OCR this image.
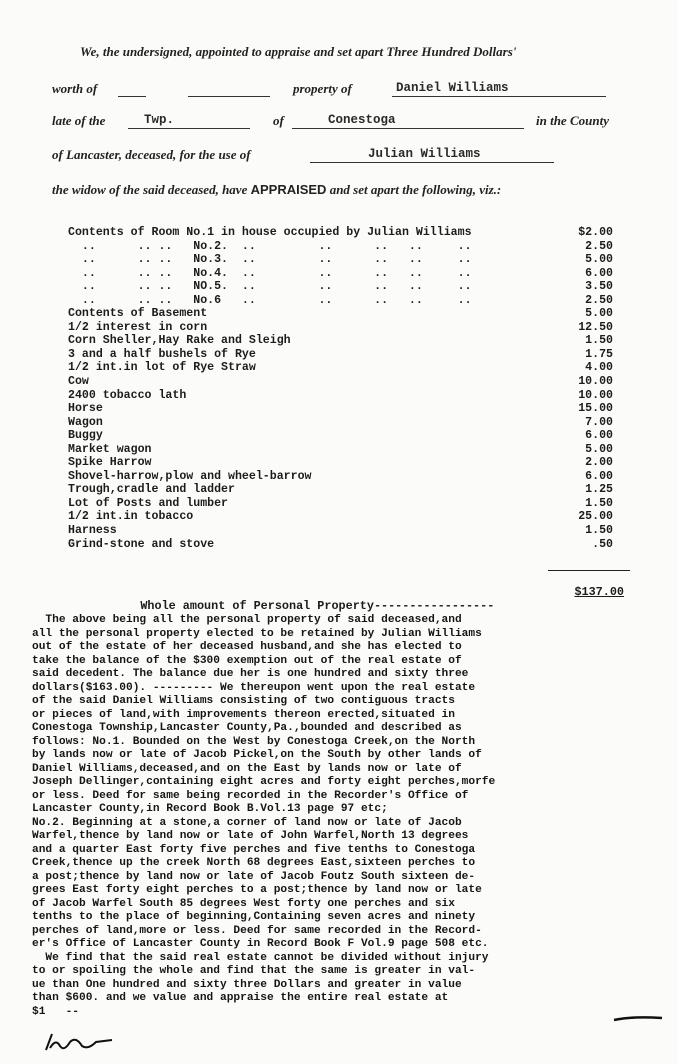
We, the undersigned, appointed to appraise and set apart Three Hundred Dollars'
worth of	property of	Daniel Williams
late of the	Twp.	of	Conestoga	in the County
of Lancaster, deceased, for the use of	Julian Williams
the widow of the said deceased, have APPRAISED and set apart the following, viz.:
Contents of Room No.1 in house occupied by Julian Williams	$2.00
..      .. ..   No.2.  ..         ..      ..   ..     ..	2.50
..      .. ..   No.3.  ..         ..      ..   ..     ..	5.00
..      .. ..   No.4.  ..         ..      ..   ..     ..	6.00
..      .. ..   NO.5.  ..         ..      ..   ..     ..	3.50
..      .. ..   No.6   ..         ..      ..   ..     ..	2.50
Contents of Basement	5.00
1/2 interest in corn	12.50
Corn Sheller,Hay Rake and Sleigh	1.50
3 and a half bushels of Rye	1.75
1/2 int.in lot of Rye Straw	4.00
Cow	10.00
2400 tobacco lath	10.00
Horse	15.00
Wagon	7.00
Buggy	6.00
Market wagon	5.00
Spike Harrow	2.00
Shovel-harrow,plow and wheel-barrow	6.00
Trough,cradle and ladder	1.25
Lot of Posts and lumber	1.50
1/2 int.in tobacco	25.00
Harness	1.50
Grind-stone and stove	.50

Whole amount of Personal Property-----------------

$137.00

The above being all the personal property of said deceased,and
all the personal property elected to be retained by Julian Williams
out of the estate of her deceased husband,and she has elected to
take the balance of the $300 exemption out of the real estate of
said decedent. The balance due her is one hundred and sixty three
dollars($163.00). --------- We thereupon went upon the real estate
of the said Daniel Williams consisting of two contiguous tracts
or pieces of land,with improvements thereon erected,situated in
Conestoga Township,Lancaster County,Pa.,bounded and described as
follows: No.1. Bounded on the West by Conestoga Creek,on the North
by lands now or late of Jacob Pickel,on the South by other lands of
Daniel Williams,deceased,and on the East by lands now or late of
Joseph Dellinger,containing eight acres and forty eight perches,morfe
or less. Deed for same being recorded in the Recorder's Office of
Lancaster County,in Record Book B.Vol.13 page 97 etc;
No.2. Beginning at a stone,a corner of land now or late of Jacob
Warfel,thence by land now or late of John Warfel,North 13 degrees
and a quarter East forty five perches and five tenths to Conestoga
Creek,thence up the creek North 68 degrees East,sixteen perches to
a post;thence by land now or late of Jacob Foutz South sixteen de-
grees East forty eight perches to a post;thence by land now or late
of Jacob Warfel South 85 degrees West forty one perches and six
tenths to the place of beginning,Containing seven acres and ninety
perches of land,more or less. Deed for same recorded in the Record-
er's Office of Lancaster County in Record Book F Vol.9 page 508 etc.
We find that the said real estate cannot be divided without injury
to or spoiling the whole and find that the same is greater in val-
ue than One hundred and sixty three Dollars and greater in value
than $600. and we value and appraise the entire real estate at
$1   --
